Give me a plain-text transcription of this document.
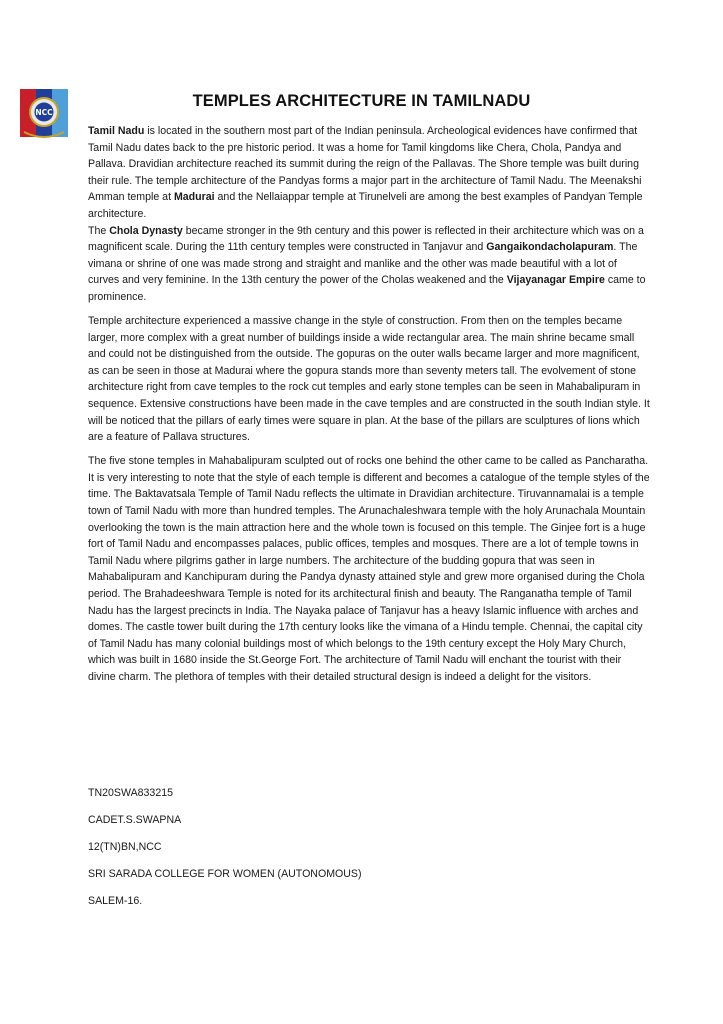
NCC
TEMPLES ARCHITECTURE IN TAMILNADU

Tamil Nadu is located in the southern most part of the Indian peninsula. Archeological evidences have confirmed that Tamil Nadu dates back to the pre historic period. It was a home for Tamil kingdoms like Chera, Chola, Pandya and Pallava. Dravidian architecture reached its summit during the reign of the Pallavas. The Shore temple was built during their rule. The temple architecture of the Pandyas forms a major part in the architecture of Tamil Nadu. The Meenakshi Amman temple at Madurai and the Nellaiappar temple at Tirunelveli are among the best examples of Pandyan Temple architecture.

The Chola Dynasty became stronger in the 9th century and this power is reflected in their architecture which was on a magnificent scale. During the 11th century temples were constructed in Tanjavur and Gangaikondacholapuram. The vimana or shrine of one was made strong and straight and manlike and the other was made beautiful with a lot of curves and very feminine. In the 13th century the power of the Cholas weakened and the Vijayanagar Empire came to prominence.

Temple architecture experienced a massive change in the style of construction. From then on the temples became larger, more complex with a great number of buildings inside a wide rectangular area. The main shrine became small and could not be distinguished from the outside. The gopuras on the outer walls became larger and more magnificent, as can be seen in those at Madurai where the gopura stands more than seventy meters tall. The evolvement of stone architecture right from cave temples to the rock cut temples and early stone temples can be seen in Mahabalipuram in sequence. Extensive constructions have been made in the cave temples and are constructed in the south Indian style. It will be noticed that the pillars of early times were square in plan. At the base of the pillars are sculptures of lions which are a feature of Pallava structures.

The five stone temples in Mahabalipuram sculpted out of rocks one behind the other came to be called as Pancharatha. It is very interesting to note that the style of each temple is different and becomes a catalogue of the temple styles of the time. The Baktavatsala Temple of Tamil Nadu reflects the ultimate in Dravidian architecture. Tiruvannamalai is a temple town of Tamil Nadu with more than hundred temples. The Arunachaleshwara temple with the holy Arunachala Mountain overlooking the town is the main attraction here and the whole town is focused on this temple. The Ginjee fort is a huge fort of Tamil Nadu and encompasses palaces, public offices, temples and mosques. There are a lot of temple towns in Tamil Nadu where pilgrims gather in large numbers. The architecture of the budding gopura that was seen in Mahabalipuram and Kanchipuram during the Pandya dynasty attained style and grew more organised during the Chola period. The Brahadeeshwara Temple is noted for its architectural finish and beauty. The Ranganatha temple of Tamil Nadu has the largest precincts in India. The Nayaka palace of Tanjavur has a heavy Islamic influence with arches and domes. The castle tower built during the 17th century looks like the vimana of a Hindu temple. Chennai, the capital city of Tamil Nadu has many colonial buildings most of which belongs to the 19th century except the Holy Mary Church, which was built in 1680 inside the St.George Fort. The architecture of Tamil Nadu will enchant the tourist with their divine charm. The plethora of temples with their detailed structural design is indeed a delight for the visitors.

TN20SWA833215
CADET.S.SWAPNA
12(TN)BN,NCC
SRI SARADA COLLEGE FOR WOMEN (AUTONOMOUS)
SALEM-16.
